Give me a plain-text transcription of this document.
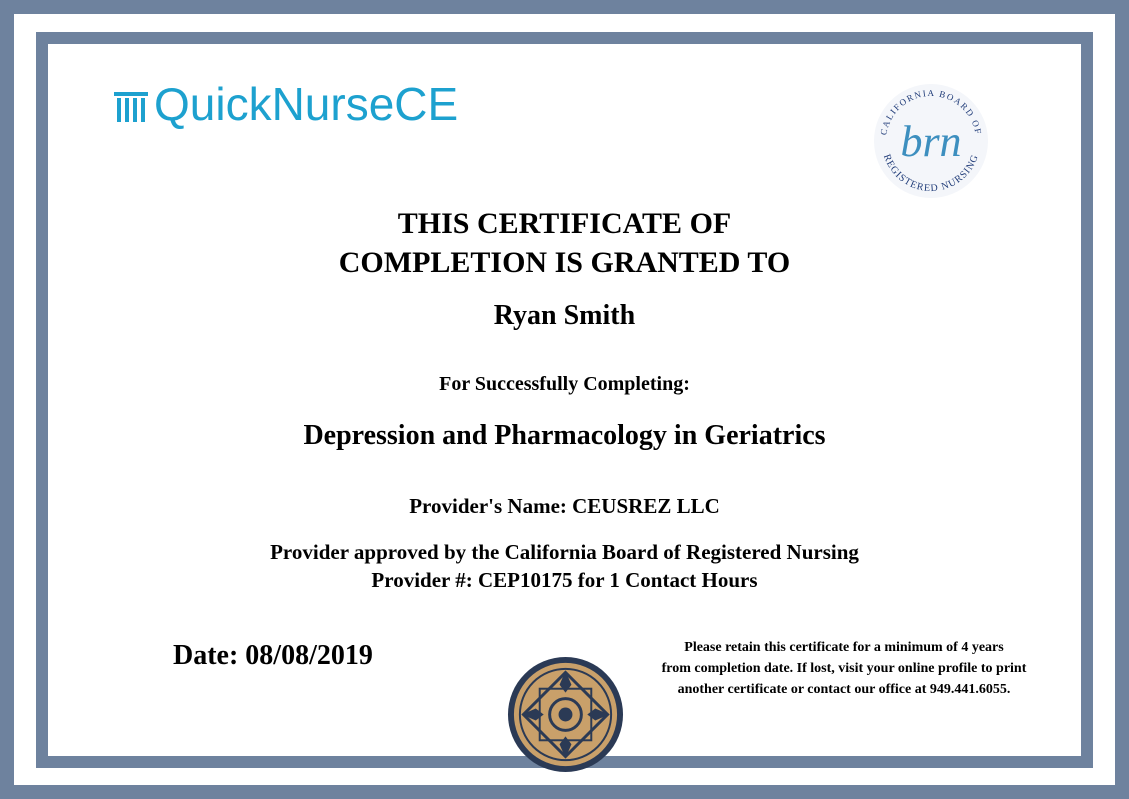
QuickNurseCE
CALIFORNIA BOARD OF
REGISTERED NURSING
brn
THIS CERTIFICATE OF
COMPLETION IS GRANTED TO
Ryan Smith
For Successfully Completing:
Depression and Pharmacology in Geriatrics
Provider's Name: CEUSREZ LLC
Provider approved by the California Board of Registered Nursing
Provider #: CEP10175 for 1 Contact Hours
Date: 08/08/2019	Please retain this certificate for a minimum of 4 years
from completion date. If lost, visit your online profile to print
another certificate or contact our office at 949.441.6055.
